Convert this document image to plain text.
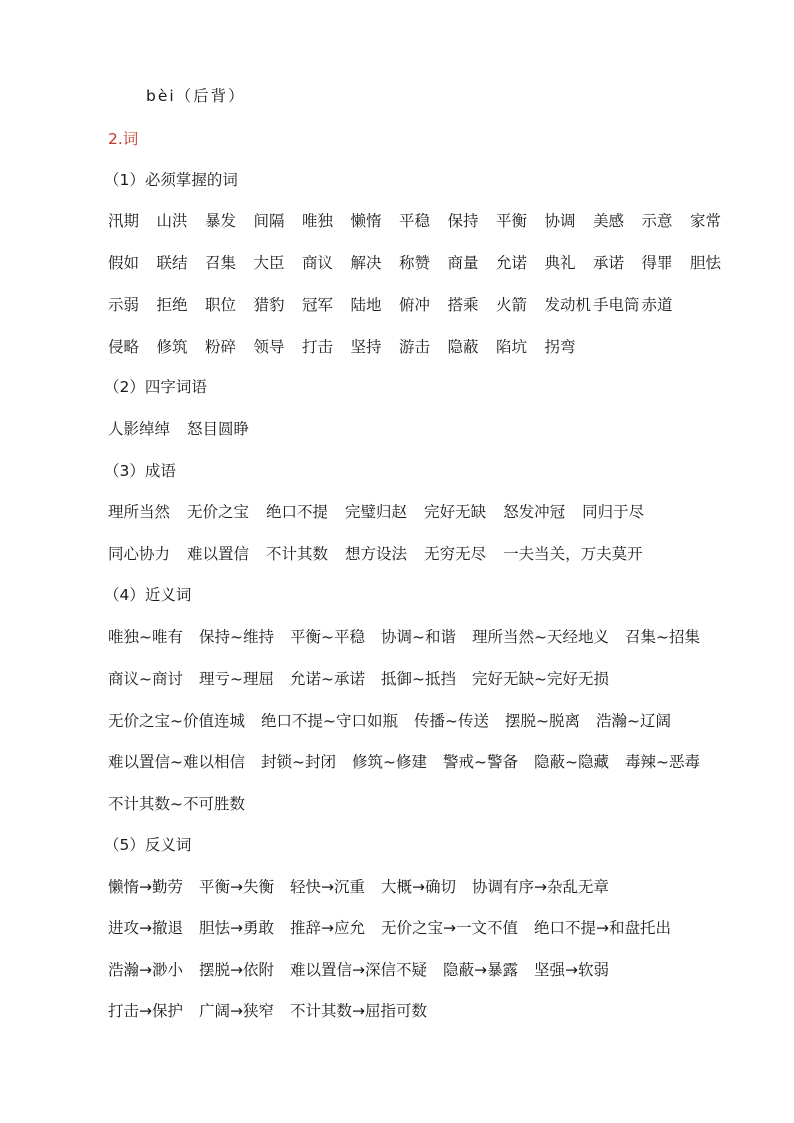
bèi（后背）
2.词
（1）必须掌握的词
汛期	山洪	暴发	间隔	唯独	懒惰	平稳	保持	平衡	协调	美感	示意	家常
假如	联结	召集	大臣	商议	解决	称赞	商量	允诺	典礼	承诺	得罪	胆怯
示弱	拒绝	职位	猎豹	冠军	陆地	俯冲	搭乘	火箭	发动机 手电筒 赤道
侵略	修筑	粉碎	领导	打击	坚持	游击	隐蔽	陷坑	拐弯
（2）四字词语
人影绰绰 怒目圆睁
（3）成语
理所当然 无价之宝 绝口不提 完璧归赵 完好无缺 怒发冲冠 同归于尽
同心协力 难以置信 不计其数 想方设法 无穷无尽 一夫当关，万夫莫开
（4）近义词
唯独~唯有 保持~维持 平衡~平稳 协调~和谐 理所当然~天经地义 召集~招集
商议~商讨 理亏~理屈 允诺~承诺 抵御~抵挡 完好无缺~完好无损
无价之宝~价值连城 绝口不提~守口如瓶 传播~传送 摆脱~脱离 浩瀚~辽阔
难以置信~难以相信 封锁~封闭 修筑~修建 警戒~警备 隐蔽~隐藏 毒辣~恶毒
不计其数~不可胜数
（5）反义词
懒惰→勤劳 平衡→失衡 轻快→沉重 大概→确切 协调有序→杂乱无章
进攻→撤退 胆怯→勇敢 推辞→应允 无价之宝→一文不值 绝口不提→和盘托出
浩瀚→渺小 摆脱→依附 难以置信→深信不疑 隐蔽→暴露 坚强→软弱
打击→保护 广阔→狭窄 不计其数→屈指可数
